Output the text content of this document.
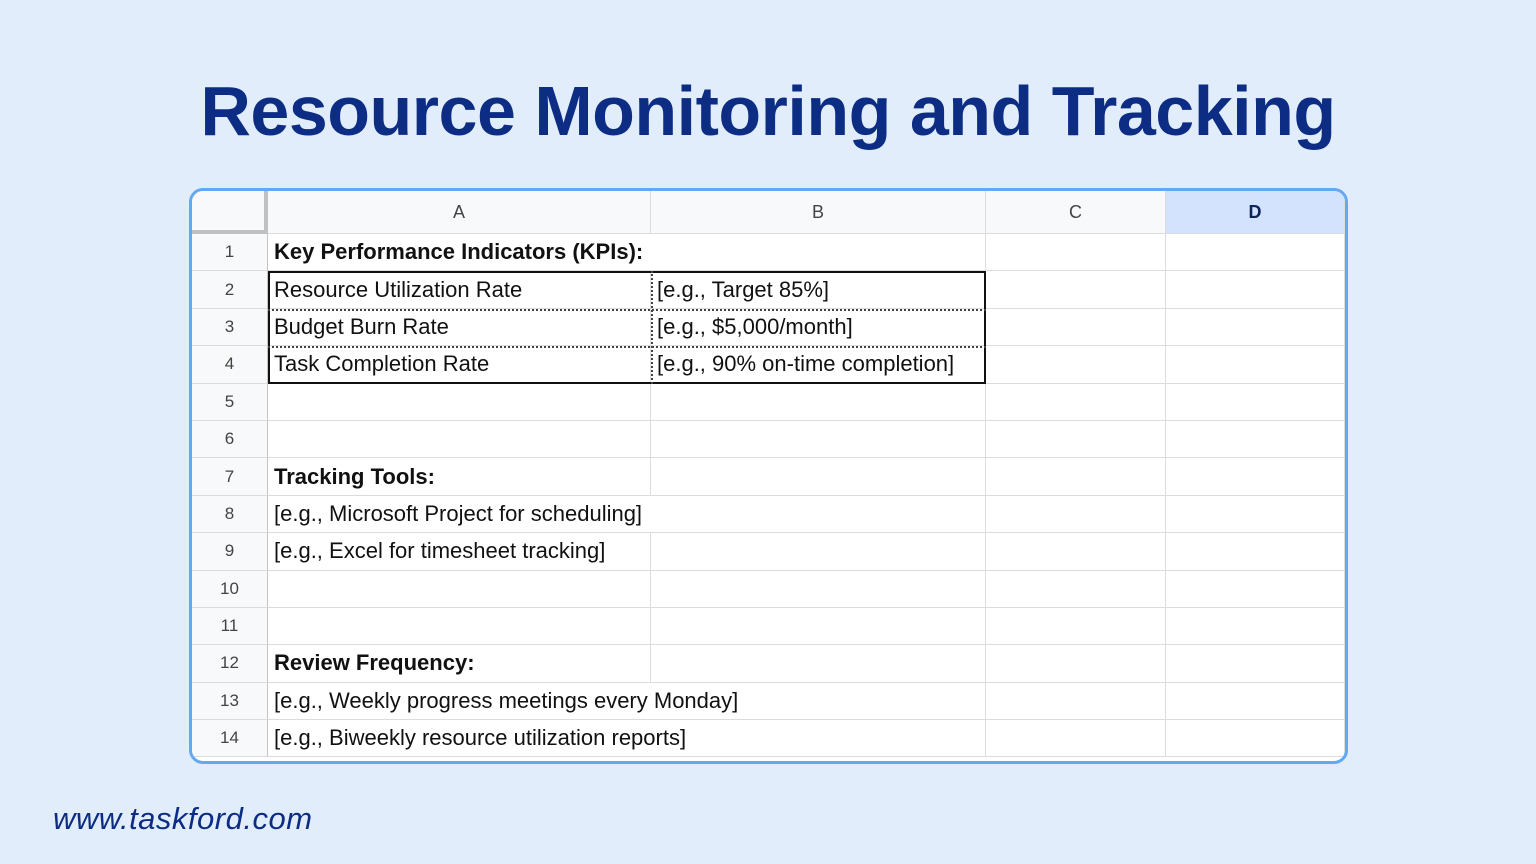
Resource Monitoring and Tracking
A	B	C	D
1	Key Performance Indicators (KPIs):
2	Resource Utilization Rate	[e.g., Target 85%]
3	Budget Burn Rate	[e.g., $5,000/month]
4	Task Completion Rate	[e.g., 90% on-time completion]
5
6
7	Tracking Tools:
8	[e.g., Microsoft Project for scheduling]
9	[e.g., Excel for timesheet tracking]
10
11
12	Review Frequency:
13	[e.g., Weekly progress meetings every Monday]
14	[e.g., Biweekly resource utilization reports]
www.taskford.com
